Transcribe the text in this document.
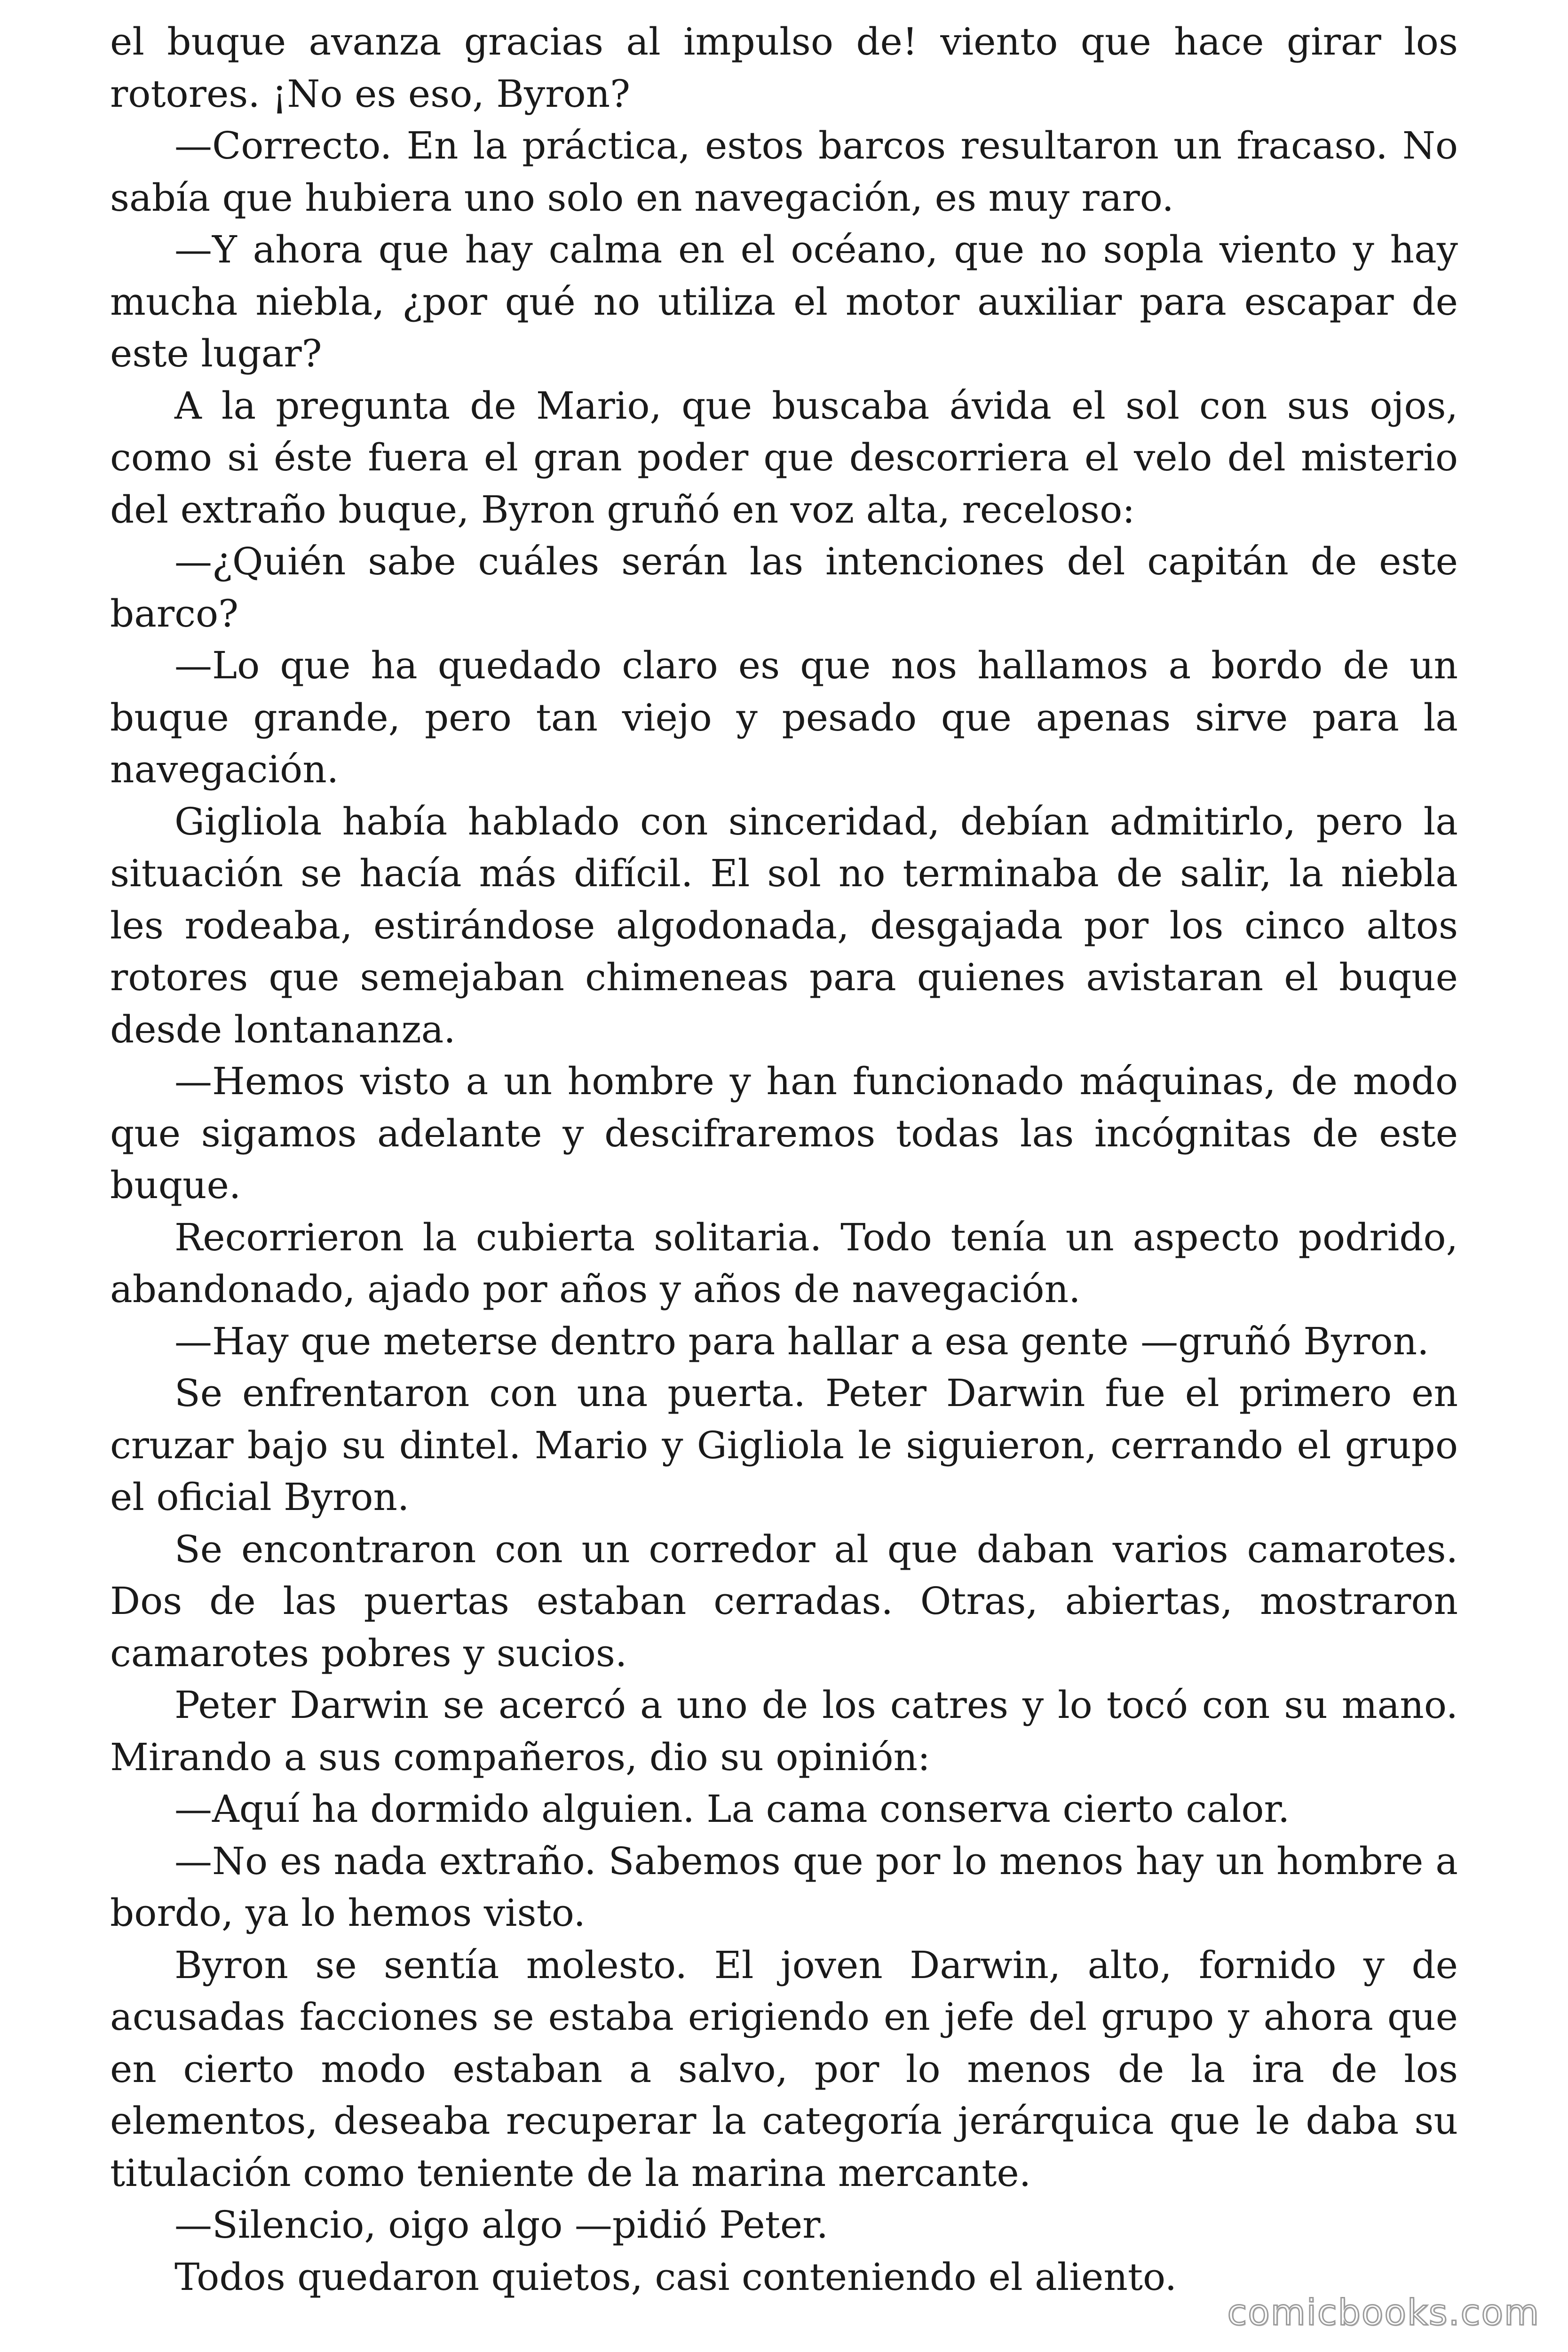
el buque avanza gracias al impulso de! viento que hace girar los rotores. ¡No es eso, Byron?

—Correcto. En la práctica, estos barcos resultaron un fracaso. No sabía que hubiera uno solo en navegación, es muy raro.

—Y ahora que hay calma en el océano, que no sopla viento y hay mucha niebla, ¿por qué no utiliza el motor auxiliar para escapar de este lugar?

A la pregunta de Mario, que buscaba ávida el sol con sus ojos, como si éste fuera el gran poder que descorriera el velo del misterio del extraño buque, Byron gruñó en voz alta, receloso:

—¿Quién sabe cuáles serán las intenciones del capitán de este barco?

—Lo que ha quedado claro es que nos hallamos a bordo de un buque grande, pero tan viejo y pesado que apenas sirve para la navegación.

Gigliola había hablado con sinceridad, debían admitirlo, pero la situación se hacía más difícil. El sol no terminaba de salir, la niebla les rodeaba, estirándose algodonada, desgajada por los cinco altos rotores que semejaban chimeneas para quienes avistaran el buque desde lontananza.

—Hemos visto a un hombre y han funcionado máquinas, de modo que sigamos adelante y descifraremos todas las incógnitas de este buque.

Recorrieron la cubierta solitaria. Todo tenía un aspecto podrido, abandonado, ajado por años y años de navegación.

—Hay que meterse dentro para hallar a esa gente —gruñó Byron.

Se enfrentaron con una puerta. Peter Darwin fue el primero en cruzar bajo su dintel. Mario y Gigliola le siguieron, cerrando el grupo el oficial Byron.

Se encontraron con un corredor al que daban varios camarotes. Dos de las puertas estaban cerradas. Otras, abiertas, mostraron camarotes pobres y sucios.

Peter Darwin se acercó a uno de los catres y lo tocó con su mano. Mirando a sus compañeros, dio su opinión:

—Aquí ha dormido alguien. La cama conserva cierto calor.

—No es nada extraño. Sabemos que por lo menos hay un hombre a bordo, ya lo hemos visto.

Byron se sentía molesto. El joven Darwin, alto, fornido y de acusadas facciones se estaba erigiendo en jefe del grupo y ahora que en cierto modo estaban a salvo, por lo menos de la ira de los elementos, deseaba recuperar la categoría jerárquica que le daba su titulación como teniente de la marina mercante.

—Silencio, oigo algo —pidió Peter.

Todos quedaron quietos, casi conteniendo el aliento.

comicbooks.com
